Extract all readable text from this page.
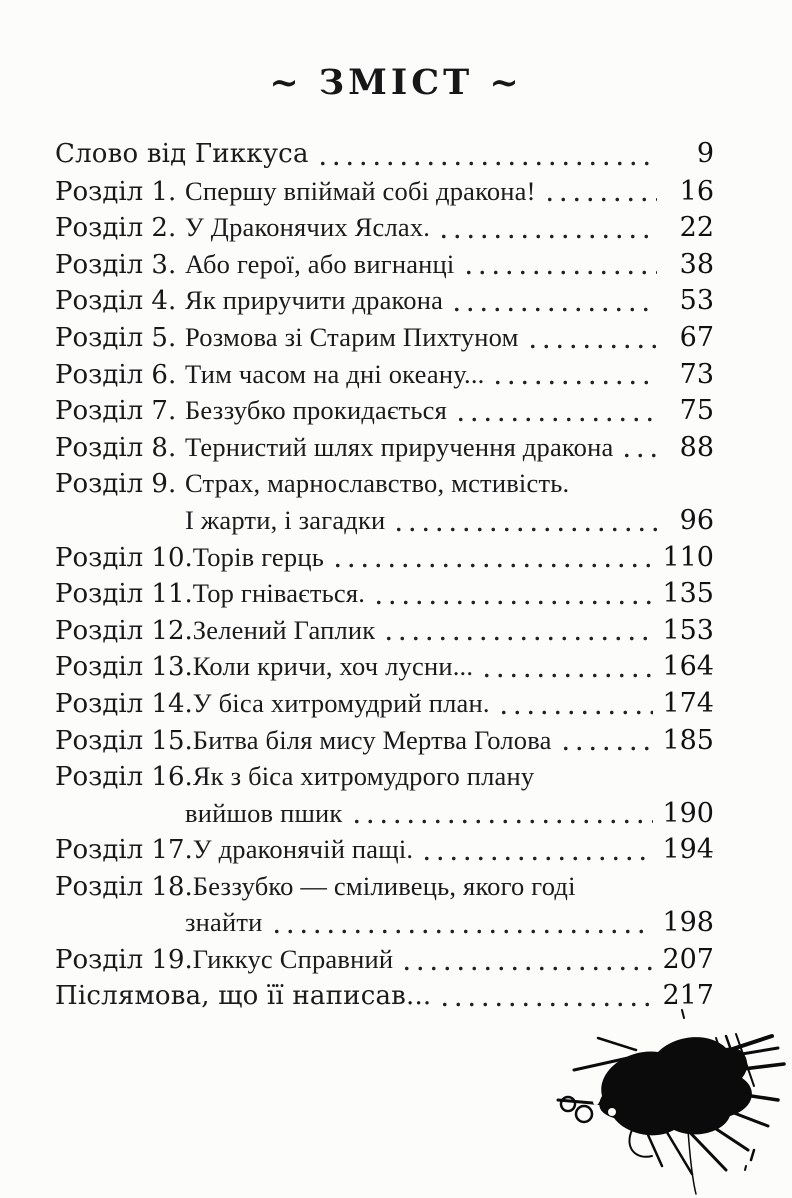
~ ЗМІСТ ~
Слово від Гиккуса	9
Розділ 1. Спершу впіймай собі дракона!	16
Розділ 2. У Драконячих Яслах.	22
Розділ 3. Або герої, або вигнанці	38
Розділ 4. Як приручити дракона	53
Розділ 5. Розмова зі Старим Пихтуном	67
Розділ 6. Тим часом на дні океану...	73
Розділ 7. Беззубко прокидається	75
Розділ 8. Тернистий шлях приручення дракона	88
Розділ 9. Страх, марнославство, мстивість.
І жарти, і загадки	96
Розділ 10. Торів герць	110
Розділ 11. Тор гнівається.	135
Розділ 12. Зелений Гаплик	153
Розділ 13. Коли кричи, хоч лусни...	164
Розділ 14. У біса хитромудрий план.	174
Розділ 15. Битва біля мису Мертва Голова	185
Розділ 16. Як з біса хитромудрого плану
вийшов пшик	190
Розділ 17. У драконячій пащі.	194
Розділ 18. Беззубко — сміливець, якого годі
знайти	198
Розділ 19. Гиккус Справний	207
Післямова, що її написав...	217
